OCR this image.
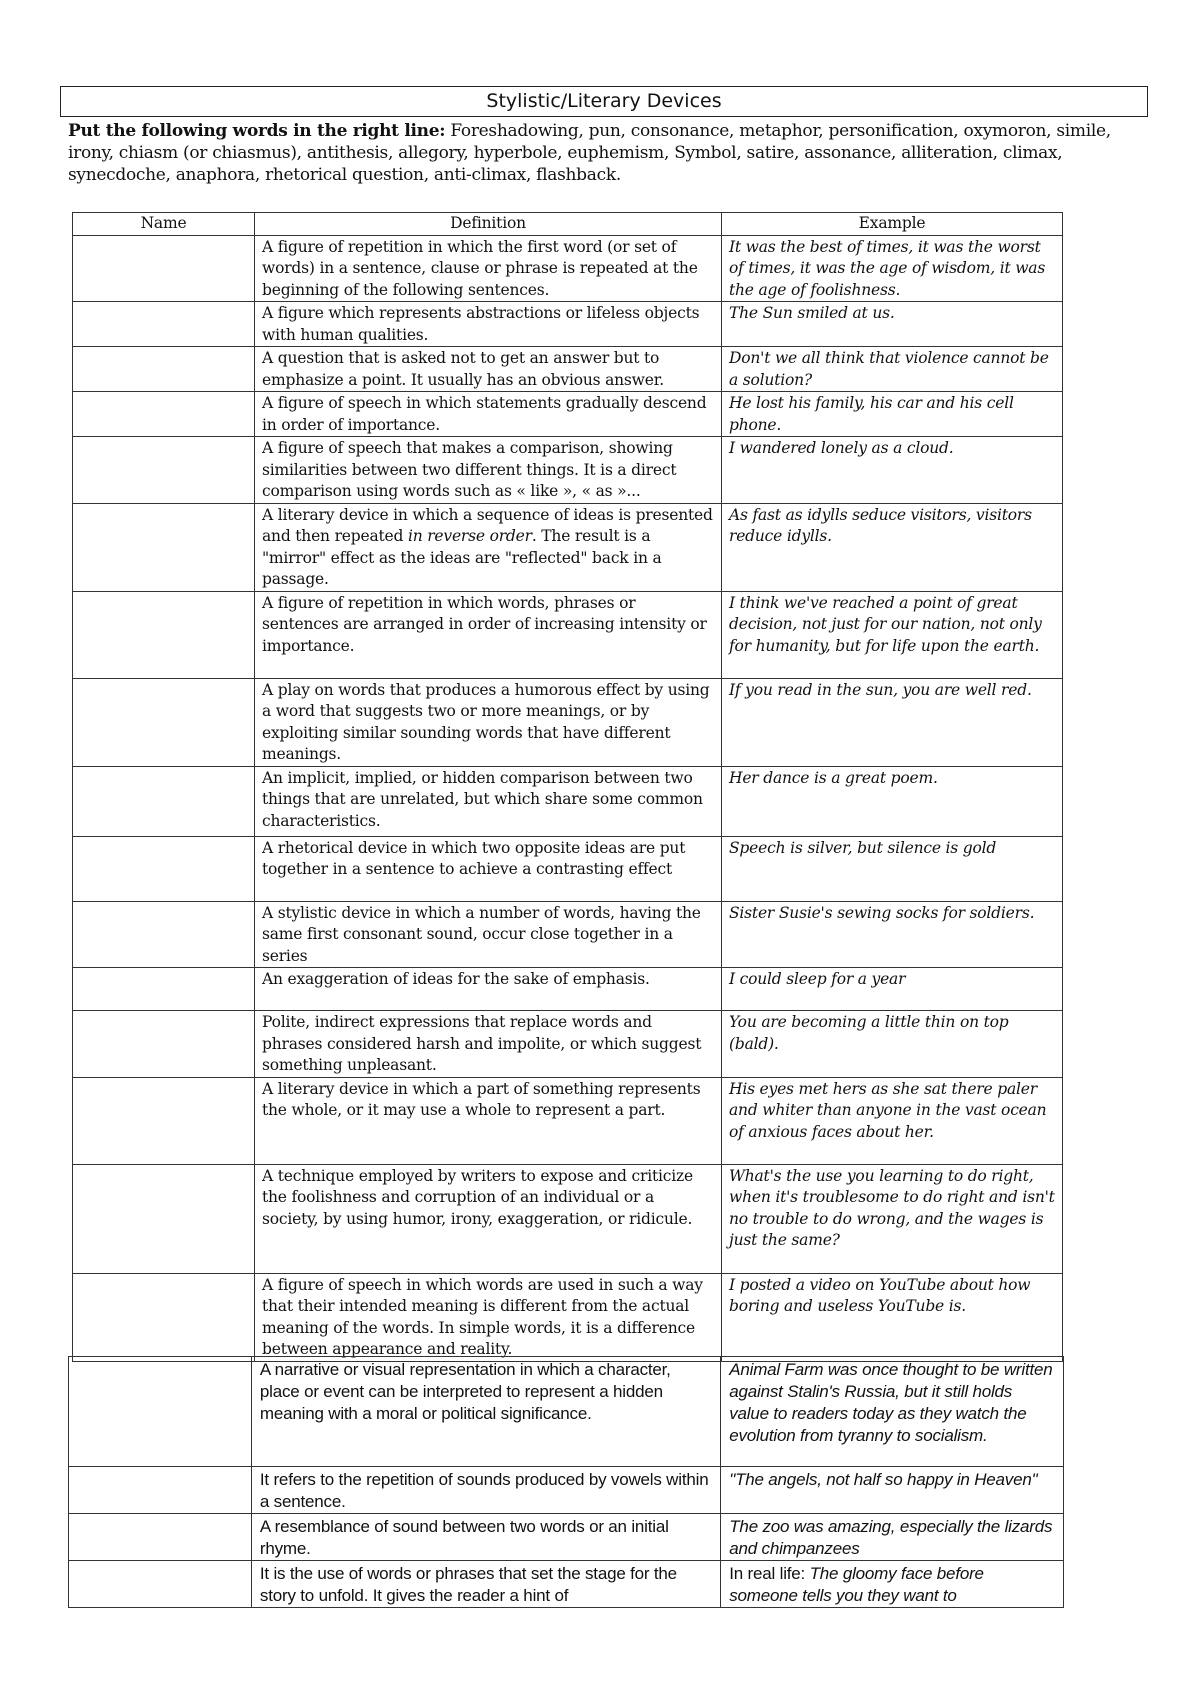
Stylistic/Literary Devices
Put the following words in the right line: Foreshadowing, pun, consonance, metaphor, personification, oxymoron, simile, irony, chiasm (or chiasmus), antithesis, allegory, hyperbole, euphemism, Symbol, satire, assonance, alliteration, climax, synecdoche, anaphora, rhetorical question, anti-climax, flashback.
Name	Definition	Example
	A figure of repetition in which the first word (or set of words) in a sentence, clause or phrase is repeated at the beginning of the following sentences.	It was the best of times, it was the worst of times, it was the age of wisdom, it was the age of foolishness.
	A figure which represents abstractions or lifeless objects with human qualities.	The Sun smiled at us.
	A question that is asked not to get an answer but to emphasize a point. It usually has an obvious answer.	Don't we all think that violence cannot be a solution?
	A figure of speech in which statements gradually descend in order of importance.	He lost his family, his car and his cell phone.
	A figure of speech that makes a comparison, showing similarities between two different things. It is a direct comparison using words such as « like », « as »...	I wandered lonely as a cloud.
	A literary device in which a sequence of ideas is presented and then repeated in reverse order. The result is a "mirror" effect as the ideas are "reflected" back in a passage.	As fast as idylls seduce visitors, visitors reduce idylls.
	A figure of repetition in which words, phrases or sentences are arranged in order of increasing intensity or importance.	I think we've reached a point of great decision, not just for our nation, not only for humanity, but for life upon the earth.
	A play on words that produces a humorous effect by using a word that suggests two or more meanings, or by exploiting similar sounding words that have different meanings.	If you read in the sun, you are well red.
	An implicit, implied, or hidden comparison between two things that are unrelated, but which share some common characteristics.	Her dance is a great poem.
	A rhetorical device in which two opposite ideas are put together in a sentence to achieve a contrasting effect	Speech is silver, but silence is gold
	A stylistic device in which a number of words, having the same first consonant sound, occur close together in a series	Sister Susie's sewing socks for soldiers.
	An exaggeration of ideas for the sake of emphasis.	I could sleep for a year
	Polite, indirect expressions that replace words and phrases considered harsh and impolite, or which suggest something unpleasant.	You are becoming a little thin on top (bald).
	A literary device in which a part of something represents the whole, or it may use a whole to represent a part.	His eyes met hers as she sat there paler and whiter than anyone in the vast ocean of anxious faces about her.
	A technique employed by writers to expose and criticize the foolishness and corruption of an individual or a society, by using humor, irony, exaggeration, or ridicule.	What's the use you learning to do right, when it's troublesome to do right and isn't no trouble to do wrong, and the wages is just the same?
	A figure of speech in which words are used in such a way that their intended meaning is different from the actual meaning of the words. In simple words, it is a difference between appearance and reality.	I posted a video on YouTube about how boring and useless YouTube is.
	A narrative or visual representation in which a character, place or event can be interpreted to represent a hidden meaning with a moral or political significance.	Animal Farm was once thought to be written against Stalin's Russia, but it still holds value to readers today as they watch the evolution from tyranny to socialism.
	It refers to the repetition of sounds produced by vowels within a sentence.	"The angels, not half so happy in Heaven"
	A resemblance of sound between two words or an initial rhyme.	The zoo was amazing, especially the lizards and chimpanzees
	It is the use of words or phrases that set the stage for the story to unfold. It gives the reader a hint of	In real life: The gloomy face before someone tells you they want to
